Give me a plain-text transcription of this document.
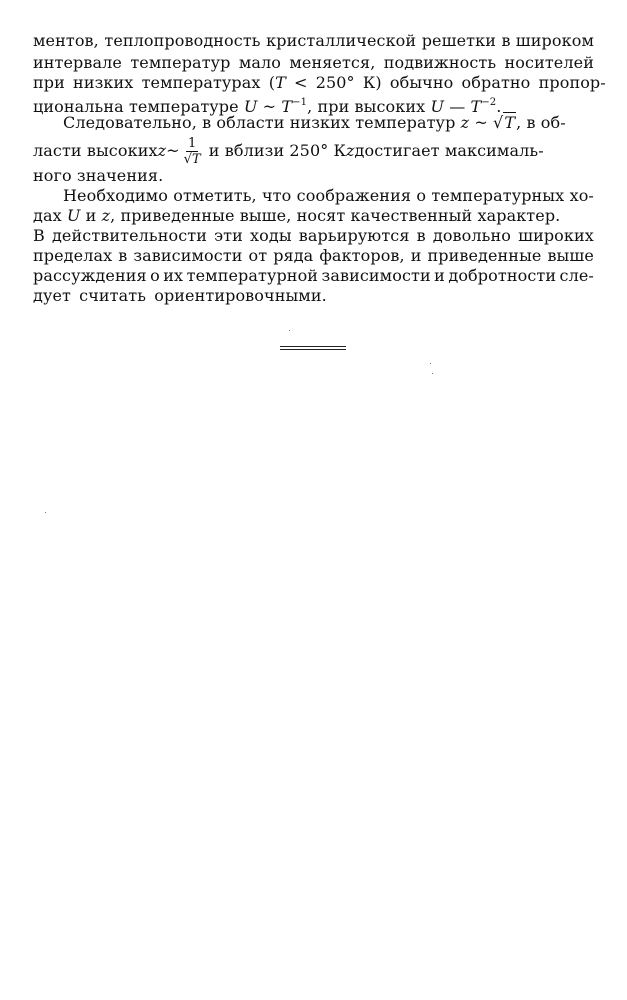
ментов, теплопроводность кристаллической решетки в широком
интервале температур мало меняется, подвижность носителей
при низких температурах (T < 250° К) обычно обратно пропор-
циональна температуре U ~ $T^{-1}$, при высоких U — $T^{-2}$.
Следовательно, в области низких температур z ~ √T, в об-
ласти высоких z ~ $\frac{1}{√T}$ и вблизи 250° К z достигает максималь-
ного значения.
Необходимо отметить, что соображения о температурных хо-
дах U и z, приведенные выше, носят качественный характер.
В действительности эти ходы варьируются в довольно широких
пределах в зависимости от ряда факторов, и приведенные выше
рассуждения о их температурной зависимости и добротности сле-
дует считать ориентировочными.
